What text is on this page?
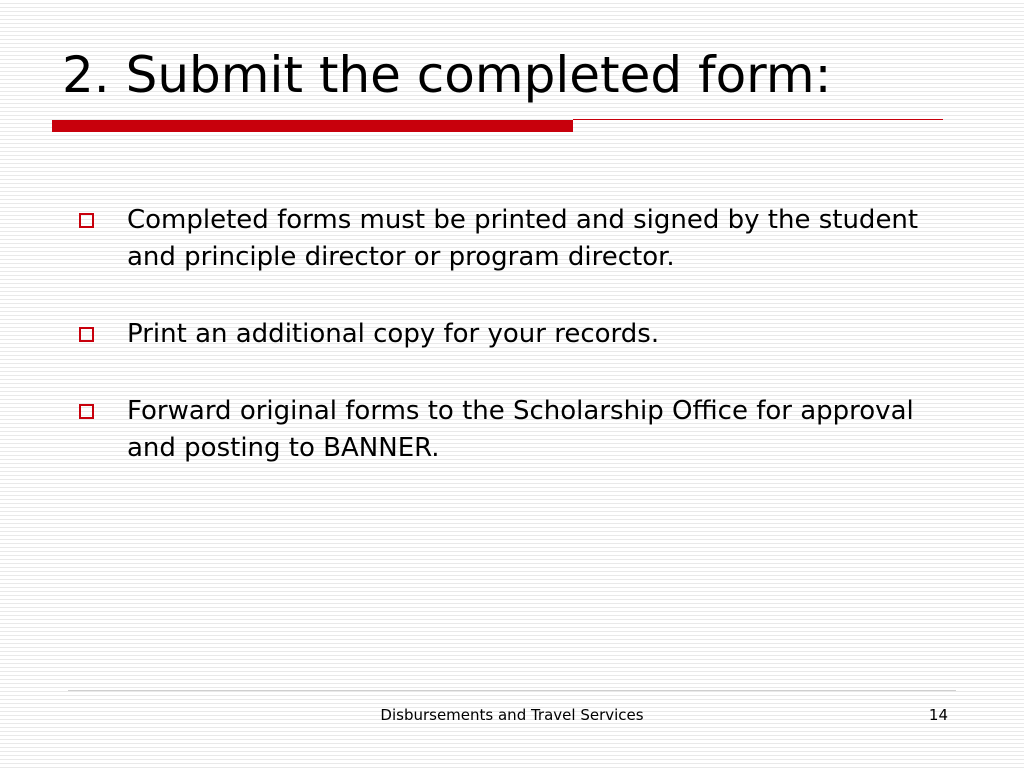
2. Submit the completed form:
Completed forms must be printed and signed by the student and principle director or program director.
Print an additional copy for your records.
Forward original forms to the Scholarship Office for approval and posting to BANNER.
Disbursements and Travel Services	14
